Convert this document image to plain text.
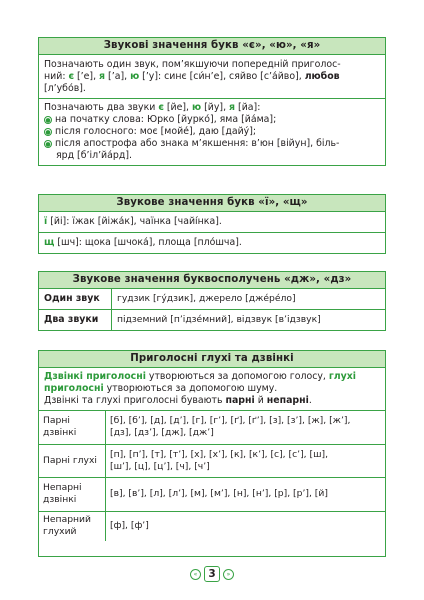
Звукові значення букв «є», «ю», «я»
Позначають один звук, пом’якшуючи попередній приголос-
ний: є [’е], я [’а], ю [’у]: синє [си́н’е], сяйво [с’а́йво], любов
[л’убо́в].
Позначають два звуки є [йе], ю [йу], я [йа]:
● на початку слова: Юрко [йурко́], яма [йа́ма];
● після голосного: моє [мойе́], даю [дайу́];
● після апострофа або знака м’якшення: в’юн [війун], біль-
ярд [б’іл’йа́рд].
Звукове значення букв «ї», «щ»
ї [йі]: їжак [йіжа́к], чаїнка [чайі́нка].
щ [шч]: щока [шчока́], площа [пло́шча].
Звукове значення буквосполучень «дж», «дз»
Один звук	гудзик [гу́дзик], джерело [дже́ре́ло]
Два звуки	підземний [п’ідзе́мний], відзвук [в’ідзвук]
Приголосні глухі та дзвінкі
Дзвінкі приголосні утворюються за допомогою голосу, глухі
приголосні утворюються за допомогою шуму.
Дзвінкі та глухі приголосні бувають парні й непарні.
Парні дзвінкі	[б], [б’], [д], [д’], [г], [г’], [ґ], [ґ’], [з], [з’], [ж], [ж’],
[дз], [дз’], [дж], [дж’]

Парні глухі	[п], [п’], [т], [т’], [х], [х’], [к], [к’], [с], [с’], [ш],
[ш’], [ц], [ц’], [ч], [ч’]

Непарні дзвінкі	[в], [в’], [л], [л’], [м], [м’], [н], [н’], [р], [р’], [й]

Непарний глухий	[ф], [ф’]
« 3 »
